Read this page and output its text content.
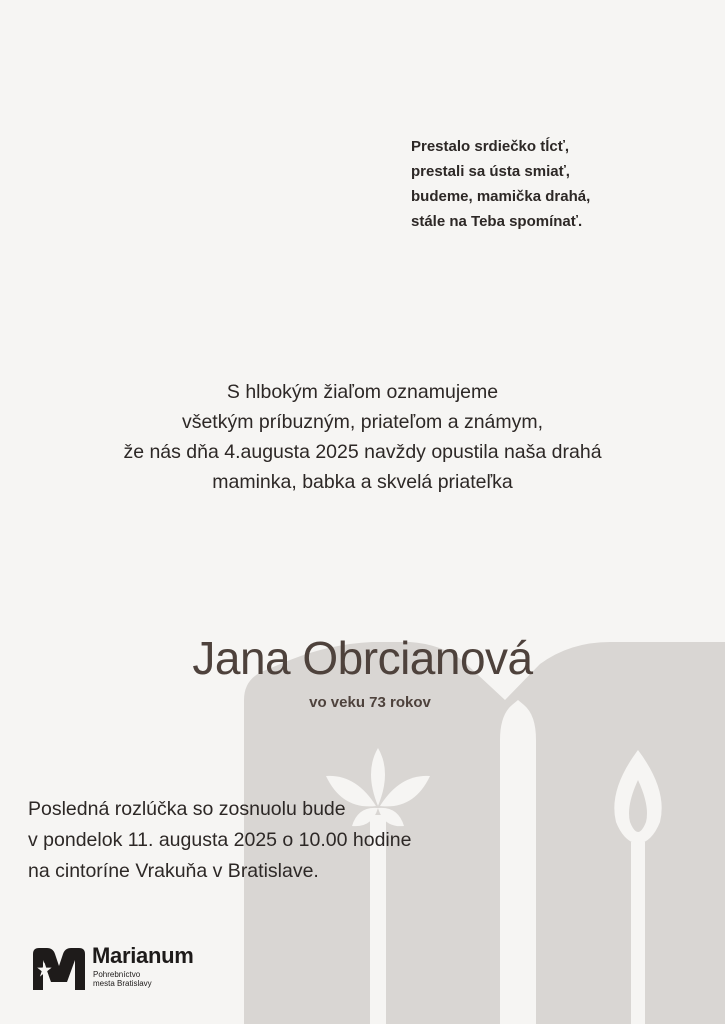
Prestalo srdiečko tĺcť,
prestali sa ústa smiať,
budeme, mamička drahá,
stále na Teba spomínať.
S hlbokým žiaľom oznamujeme
všetkým príbuzným, priateľom a známym,
že nás dňa 4.augusta 2025 navždy opustila naša drahá
maminka, babka a skvelá priateľka
Jana Obrcianová
vo veku 73 rokov
Posledná rozlúčka so zosnuolu bude
v pondelok 11. augusta 2025 o 10.00 hodine
na cintoríne Vrakuňa v Bratislave.
Marianum
Pohrebníctvo
mesta Bratislavy
